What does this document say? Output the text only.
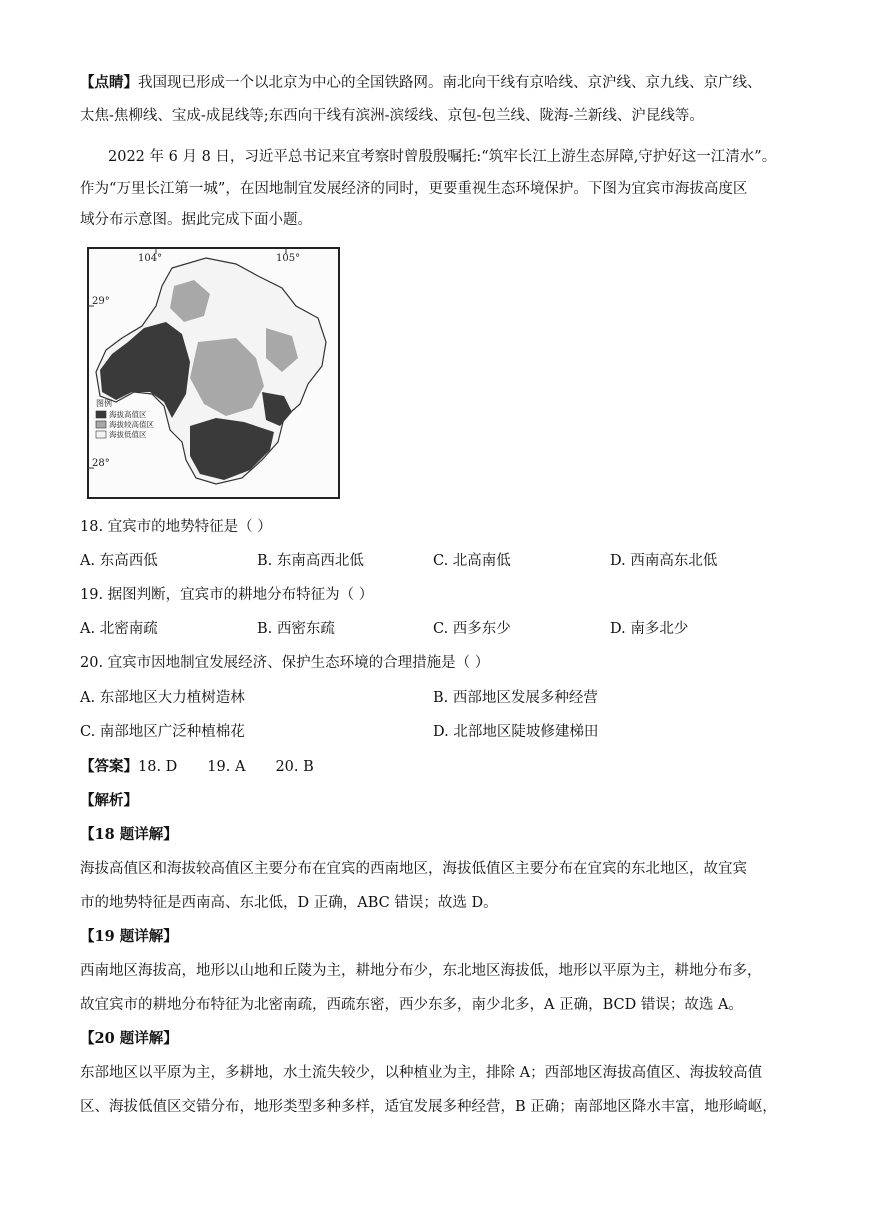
【点睛】我国现已形成一个以北京为中心的全国铁路网。南北向干线有京哈线、京沪线、京九线、京广线、
太焦-焦柳线、宝成-成昆线等;东西向干线有滨洲-滨绥线、京包-包兰线、陇海-兰新线、沪昆线等。
2022 年 6 月 8 日，习近平总书记来宜考察时曾殷殷嘱托:“筑牢长江上游生态屏障,守护好这一江清水”。
作为“万里长江第一城”，在因地制宜发展经济的同时，更要重视生态环境保护。下图为宜宾市海拔高度区
域分布示意图。据此完成下面小题。
104°	105°
29°
28°
图例
海拔高值区
海拔较高值区
海拔低值区
18. 宜宾市的地势特征是（ ）
A. 东高西低	B. 东南高西北低	C. 北高南低	D. 西南高东北低
19. 据图判断，宜宾市的耕地分布特征为（ ）
A. 北密南疏	B. 西密东疏	C. 西多东少	D. 南多北少
20. 宜宾市因地制宜发展经济、保护生态环境的合理措施是（ ）
A. 东部地区大力植树造林	B. 西部地区发展多种经营
C. 南部地区广泛种植棉花	D. 北部地区陡坡修建梯田
【答案】18. D 19. A 20. B
【解析】
【18 题详解】
海拔高值区和海拔较高值区主要分布在宜宾的西南地区，海拔低值区主要分布在宜宾的东北地区，故宜宾
市的地势特征是西南高、东北低，D 正确，ABC 错误；故选 D。
【19 题详解】
西南地区海拔高，地形以山地和丘陵为主，耕地分布少，东北地区海拔低，地形以平原为主，耕地分布多，
故宜宾市的耕地分布特征为北密南疏，西疏东密，西少东多，南少北多，A 正确，BCD 错误；故选 A。
【20 题详解】
东部地区以平原为主，多耕地，水土流失较少，以种植业为主，排除 A；西部地区海拔高值区、海拔较高值
区、海拔低值区交错分布，地形类型多种多样，适宜发展多种经营，B 正确；南部地区降水丰富，地形崎岖，
